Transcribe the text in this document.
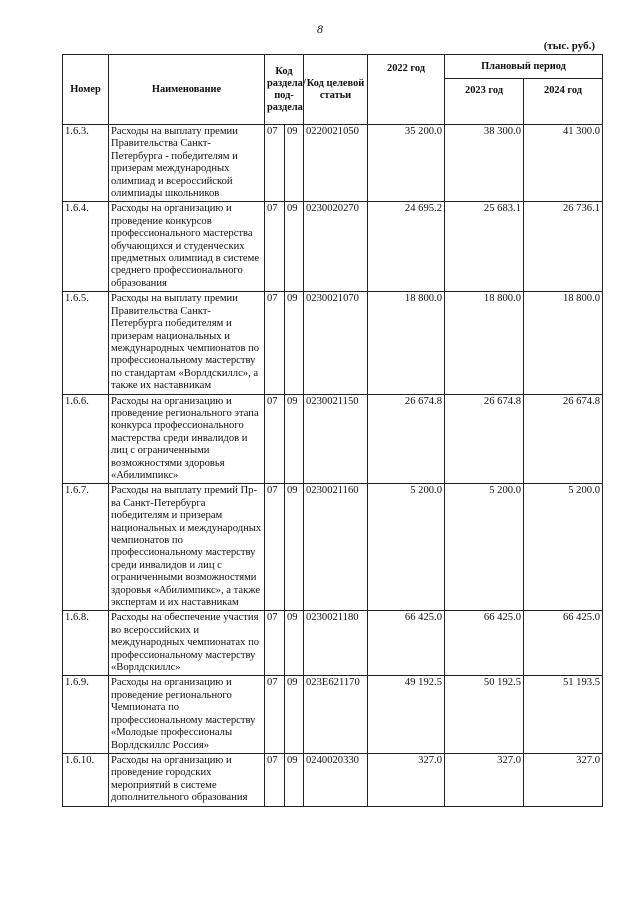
8
(тыс. руб.)
Номер	Наименование	Код раздела/ под- раздела		Код целевой статьи	2022 год	Плановый период	
						2023 год	2024 год
1.6.3.	Расходы на выплату премии Правительства Санкт-Петербурга - победителям и призерам международных олимпиад и всероссийской олимпиады школьников	07	09	0220021050	35 200.0	38 300.0	41 300.0
1.6.4.	Расходы на организацию и проведение конкурсов профессионального мастерства обучающихся и студенческих предметных олимпиад в системе среднего профессионального образования	07	09	0230020270	24 695.2	25 683.1	26 736.1
1.6.5.	Расходы на выплату премии Правительства Санкт-Петербурга победителям и призерам национальных и международных чемпионатов по профессиональному мастерству по стандартам «Ворлдскиллс», а также их наставникам	07	09	0230021070	18 800.0	18 800.0	18 800.0
1.6.6.	Расходы на организацию и проведение регионального этапа конкурса профессионального мастерства среди инвалидов и лиц с ограниченными возможностями здоровья «Абилимпикс»	07	09	0230021150	26 674.8	26 674.8	26 674.8
1.6.7.	Расходы на выплату премий Пр-ва Санкт-Петербурга победителям и призерам национальных и международных чемпионатов по профессиональному мастерству среди инвалидов и лиц с ограниченными возможностями здоровья «Абилимпикс», а также экспертам и их наставникам	07	09	0230021160	5 200.0	5 200.0	5 200.0
1.6.8.	Расходы на обеспечение участия во всероссийских и международных чемпионатах по профессиональному мастерству «Ворлдскиллс»	07	09	0230021180	66 425.0	66 425.0	66 425.0
1.6.9.	Расходы на организацию и проведение регионального Чемпионата по профессиональному мастерству «Молодые профессионалы Ворлдскиллс Россия»	07	09	023E621170	49 192.5	50 192.5	51 193.5
1.6.10.	Расходы на организацию и проведение городских мероприятий в системе дополнительного образования	07	09	0240020330	327.0	327.0	327.0
